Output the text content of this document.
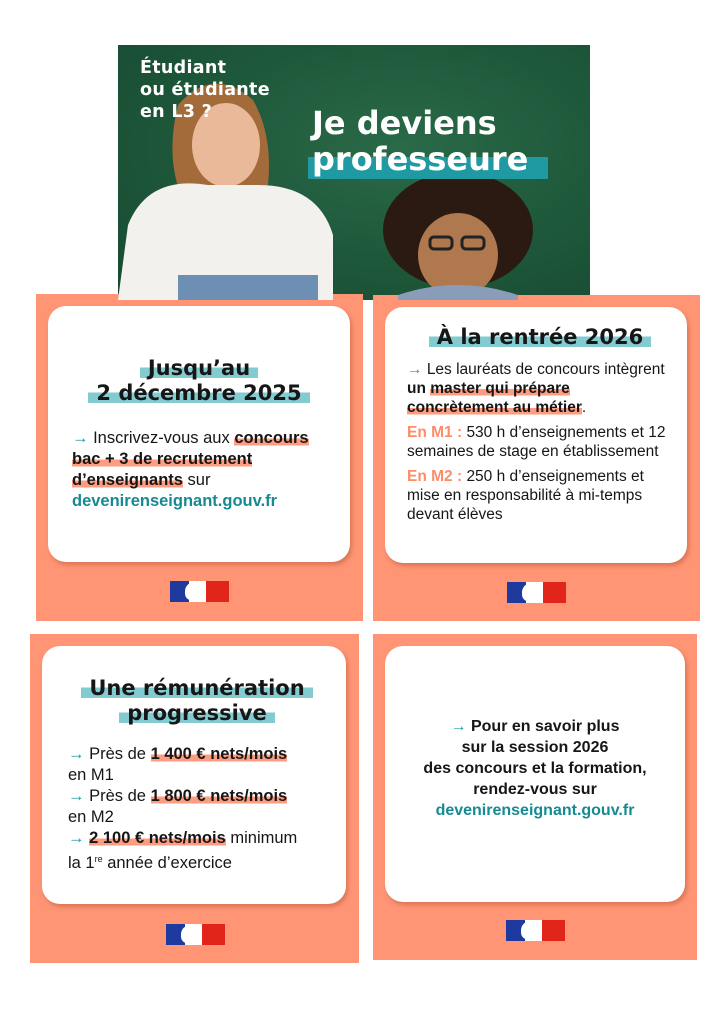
Étudiant
ou étudiante
en L3 ?	Je deviens
professeure

Jusqu’au
2 décembre 2025

→ Inscrivez-vous aux concours bac + 3 de recrutement d’enseignants sur
devenirenseignant.gouv.fr

À la rentrée 2026

→ Les lauréats de concours intègrent un master qui prépare concrètement au métier.
En M1 : 530 h d’enseignements et 12 semaines de stage en établissement
En M2 : 250 h d’enseignements et mise en responsabilité à mi-temps devant élèves

Une rémunération
progressive

→ Près de 1 400 € nets/mois
en M1
→ Près de 1 800 € nets/mois
en M2
→ 2 100 € nets/mois minimum
la 1re année d’exercice
→ Pour en savoir plus
sur la session 2026
des concours et la formation,
rendez-vous sur
devenirenseignant.gouv.fr
